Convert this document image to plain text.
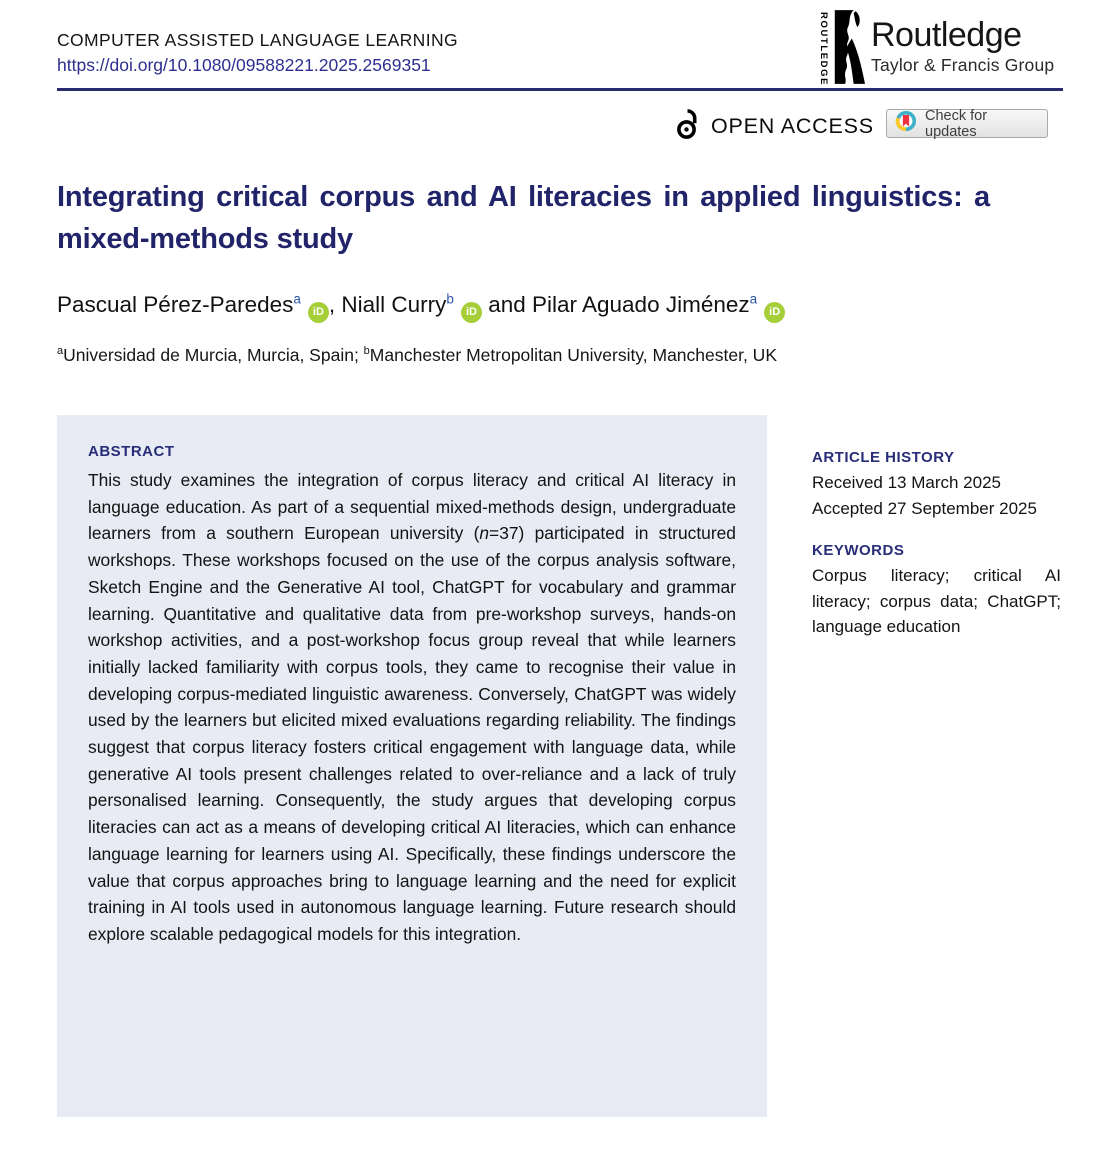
COMPUTER ASSISTED LANGUAGE LEARNING
https://doi.org/10.1080/09588221.2025.2569351	ROUTLEDGE Routledge
Taylor & Francis Group
OPEN ACCESS	Check for updates
Integrating critical corpus and AI literacies in applied linguistics: a mixed-methods study
Pascual Pérez-Paredes$^a$iD , Niall Curry$^b$iD and Pilar Aguado Jiménez$^a$iD
$^a$Universidad de Murcia, Murcia, Spain; $^b$Manchester Metropolitan University, Manchester, UK
ABSTRACT
This study examines the integration of corpus literacy and critical AI literacy in language education. As part of a sequential mixed-methods design, undergraduate learners from a southern European university (n=37) participated in structured workshops. These workshops focused on the use of the corpus analysis software, Sketch Engine and the Generative AI tool, ChatGPT for vocabulary and grammar learning. Quantitative and qualitative data from pre-workshop surveys, hands-on workshop activities, and a post-workshop focus group reveal that while learners initially lacked familiarity with corpus tools, they came to recognise their value in developing corpus-mediated linguistic awareness. Conversely, ChatGPT was widely used by the learners but elicited mixed evaluations regarding reliability. The findings suggest that corpus literacy fosters critical engagement with language data, while generative AI tools present challenges related to over-reliance and a lack of truly personalised learning. Consequently, the study argues that developing corpus literacies can act as a means of developing critical AI literacies, which can enhance language learning for learners using AI. Specifically, these findings underscore the value that corpus approaches bring to language learning and the need for explicit training in AI tools used in autonomous language learning. Future research should explore scalable pedagogical models for this integration.
ARTICLE HISTORY
Received 13 March 2025
Accepted 27 September 2025
KEYWORDS
Corpus literacy; critical AI literacy; corpus data; ChatGPT; language education
